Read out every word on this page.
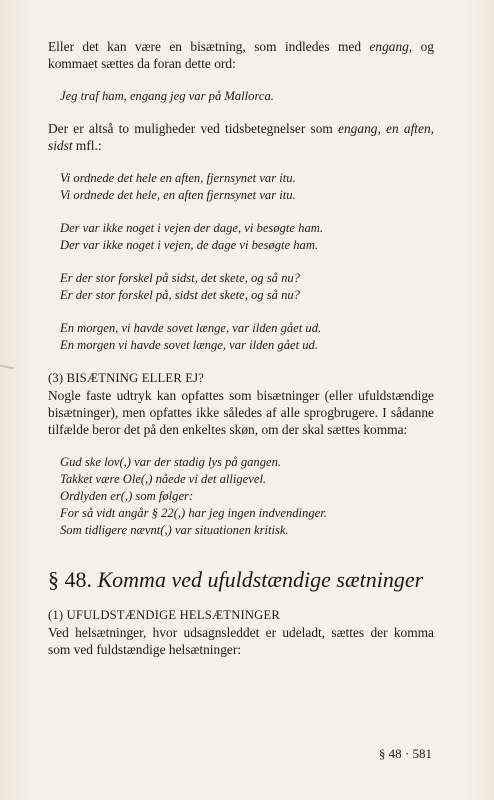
Eller det kan være en bisætning, som indledes med engang, og kommaet sættes da foran dette ord:

Jeg traf ham, engang jeg var på Mallorca.

Der er altså to muligheder ved tidsbetegnelser som engang, en aften, sidst mfl.:

Vi ordnede det hele en aften, fjernsynet var itu.
Vi ordnede det hele, en aften fjernsynet var itu.
Der var ikke noget i vejen der dage, vi besøgte ham.
Der var ikke noget i vejen, de dage vi besøgte ham.
Er der stor forskel på sidst, det skete, og så nu?
Er der stor forskel på, sidst det skete, og så nu?
En morgen, vi havde sovet længe, var ilden gået ud.
En morgen vi havde sovet længe, var ilden gået ud.

(3) BISÆTNING ELLER EJ?

Nogle faste udtryk kan opfattes som bisætninger (eller ufuldstændige bisætninger), men opfattes ikke således af alle sprogbrugere. I sådanne tilfælde beror det på den enkeltes skøn, om der skal sættes komma:

Gud ske lov(,) var der stadig lys på gangen.
Takket være Ole(,) nåede vi det alligevel.
Ordlyden er(,) som følger:
For så vidt angår § 22(,) har jeg ingen indvendinger.
Som tidligere nævnt(,) var situationen kritisk.
§ 48. Komma ved ufuldstændige sætninger

(1) UFULDSTÆNDIGE HELSÆTNINGER

Ved helsætninger, hvor udsagnsleddet er udeladt, sættes der komma som ved fuldstændige helsætninger:

§ 48 · 581
